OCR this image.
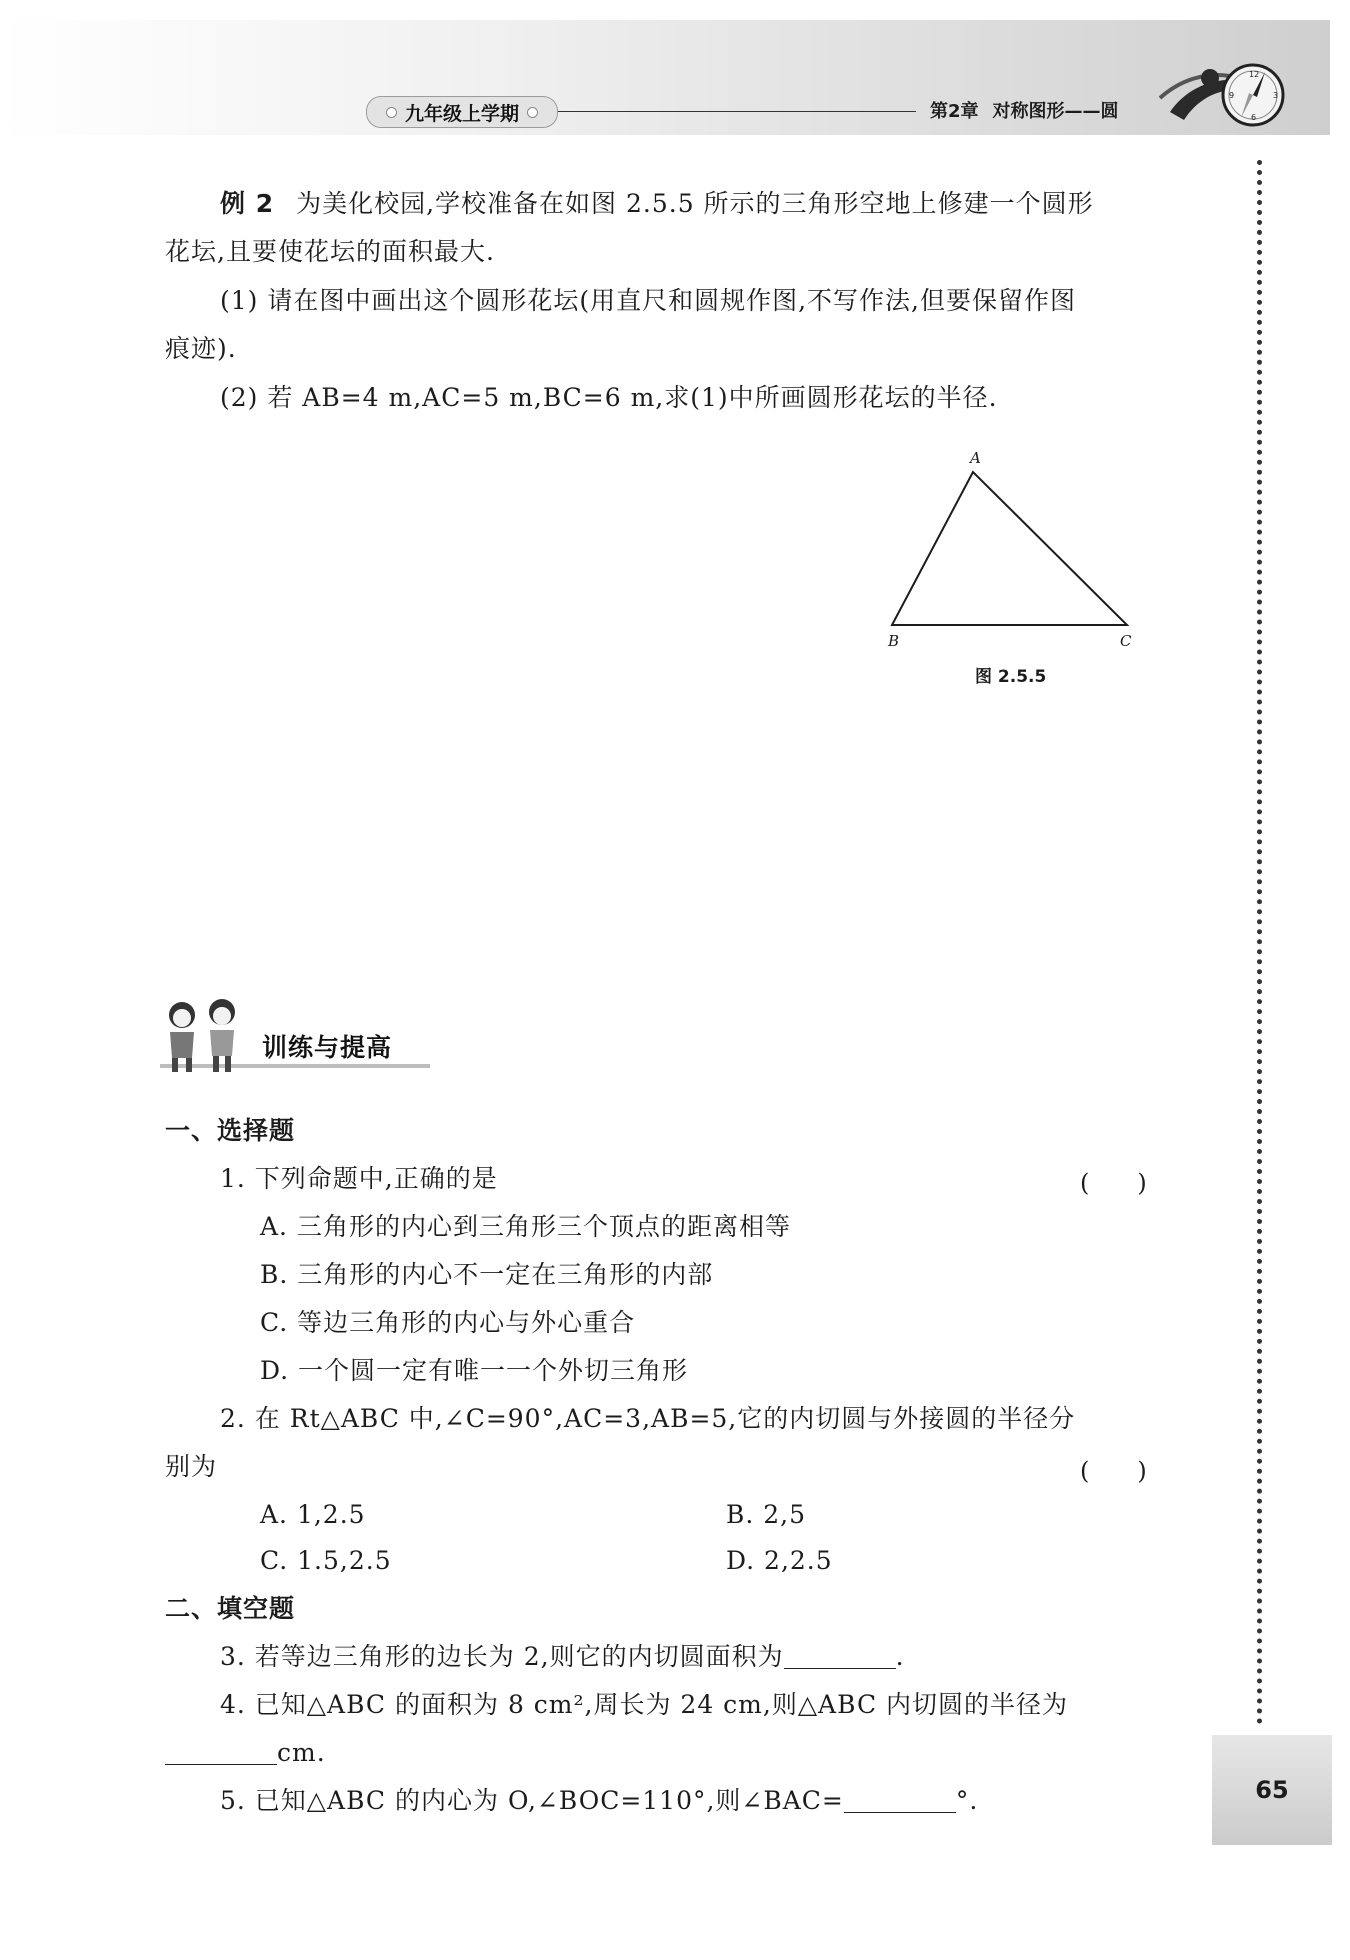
九年级上学期	第2章 对称图形——圆
12
3
6
9
65
例 2 为美化校园,学校准备在如图 2.5.5 所示的三角形空地上修建一个圆形
花坛,且要使花坛的面积最大.
(1) 请在图中画出这个圆形花坛(用直尺和圆规作图,不写作法,但要保留作图
痕迹).
(2) 若 AB=4 m,AC=5 m,BC=6 m,求(1)中所画圆形花坛的半径.
A
B	C
图 2.5.5
训练与提高
一、选择题
1. 下列命题中,正确的是	(　　)
A. 三角形的内心到三角形三个顶点的距离相等
B. 三角形的内心不一定在三角形的内部
C. 等边三角形的内心与外心重合
D. 一个圆一定有唯一一个外切三角形
2. 在 Rt△ABC 中,∠C=90°,AC=3,AB=5,它的内切圆与外接圆的半径分
别为	(　　)
A. 1,2.5	B. 2,5
C. 1.5,2.5	D. 2,2.5
二、填空题
3. 若等边三角形的边长为 2,则它的内切圆面积为	.
4. 已知△ABC 的面积为 8 cm²,周长为 24 cm,则△ABC 内切圆的半径为
cm.
5. 已知△ABC 的内心为 O,∠BOC=110°,则∠BAC=	°.
